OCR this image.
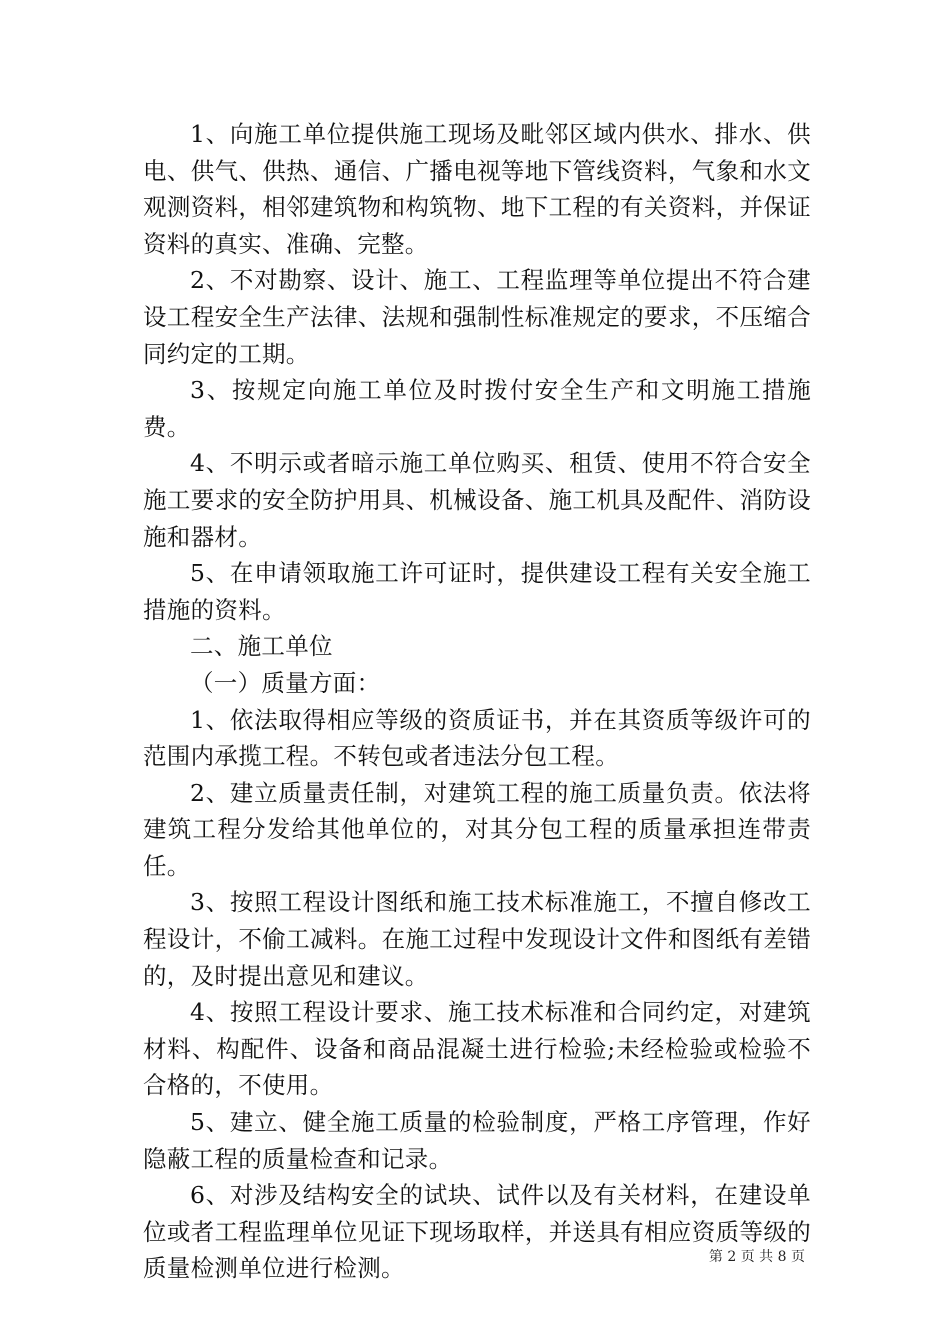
1、向施工单位提供施工现场及毗邻区域内供水、排水、供电、供气、供热、通信、广播电视等地下管线资料，气象和水文观测资料，相邻建筑物和构筑物、地下工程的有关资料，并保证资料的真实、准确、完整。

2、不对勘察、设计、施工、工程监理等单位提出不符合建设工程安全生产法律、法规和强制性标准规定的要求，不压缩合同约定的工期。

3、按规定向施工单位及时拨付安全生产和文明施工措施费。

4、不明示或者暗示施工单位购买、租赁、使用不符合安全施工要求的安全防护用具、机械设备、施工机具及配件、消防设施和器材。

5、在申请领取施工许可证时，提供建设工程有关安全施工措施的资料。

二、施工单位

（一）质量方面：

1、依法取得相应等级的资质证书，并在其资质等级许可的范围内承揽工程。不转包或者违法分包工程。

2、建立质量责任制，对建筑工程的施工质量负责。依法将建筑工程分发给其他单位的，对其分包工程的质量承担连带责任。

3、按照工程设计图纸和施工技术标准施工，不擅自修改工程设计，不偷工减料。在施工过程中发现设计文件和图纸有差错的，及时提出意见和建议。

4、按照工程设计要求、施工技术标准和合同约定，对建筑材料、构配件、设备和商品混凝土进行检验;未经检验或检验不合格的，不使用。

5、建立、健全施工质量的检验制度，严格工序管理，作好隐蔽工程的质量检查和记录。

6、对涉及结构安全的试块、试件以及有关材料，在建设单位或者工程监理单位见证下现场取样，并送具有相应资质等级的质量检测单位进行检测。	第 2 页 共 8 页
